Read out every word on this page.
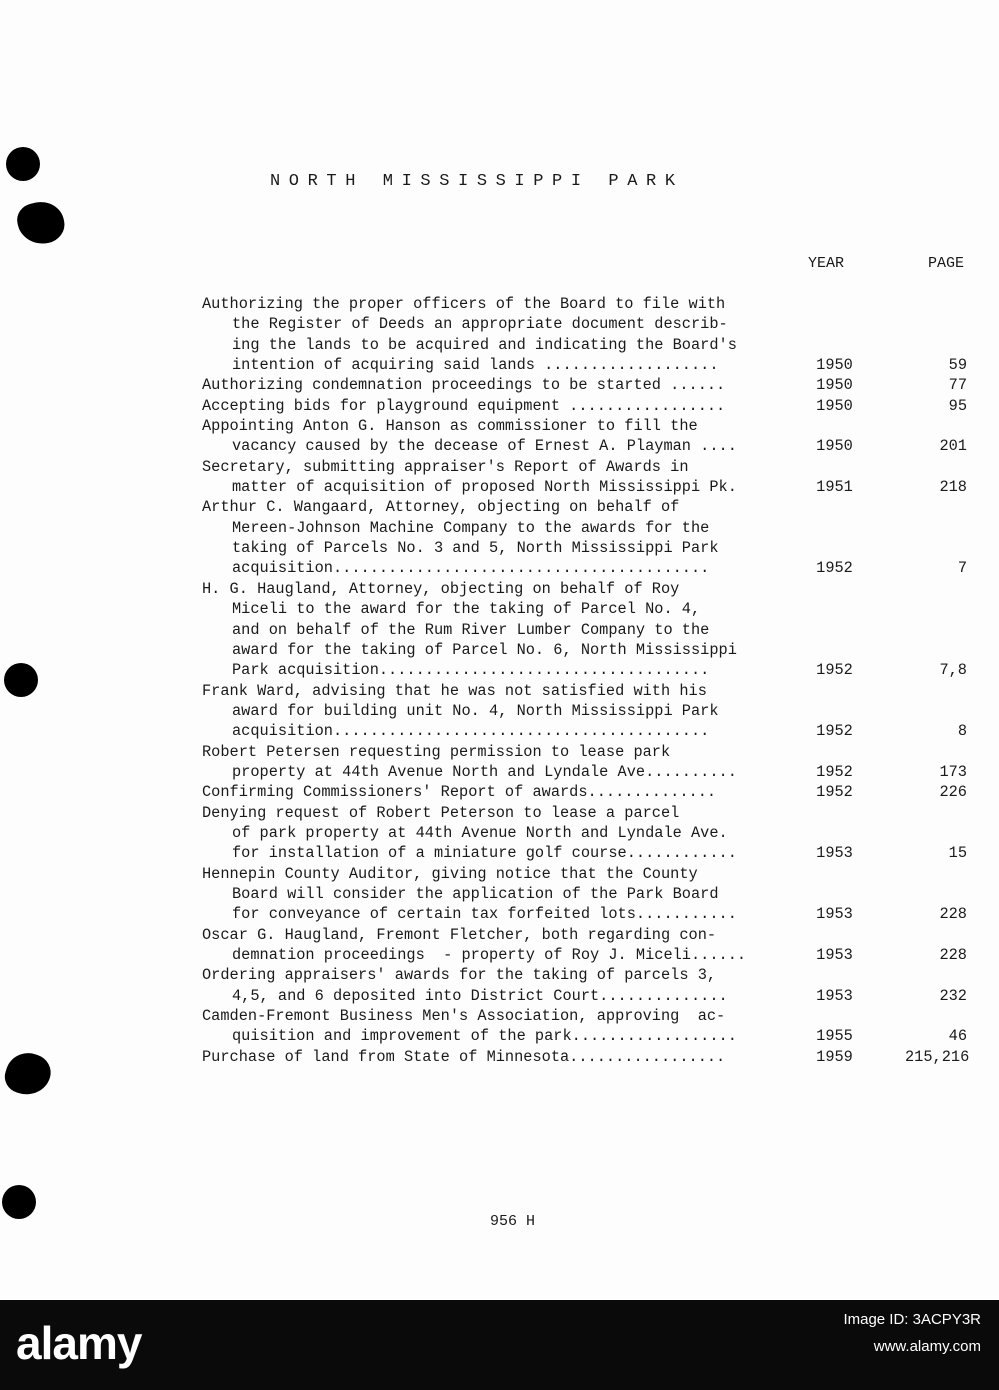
NORTH MISSISSIPPI PARK
YEAR	PAGE
Authorizing the proper officers of the Board to file with
the Register of Deeds an appropriate document describ-
ing the lands to be acquired and indicating the Board's
intention of acquiring said lands ...................	1950	59
Authorizing condemnation proceedings to be started ......	1950	77
Accepting bids for playground equipment .................	1950	95
Appointing Anton G. Hanson as commissioner to fill the
vacancy caused by the decease of Ernest A. Playman ....	1950	201
Secretary, submitting appraiser's Report of Awards in
matter of acquisition of proposed North Mississippi Pk.	1951	218
Arthur C. Wangaard, Attorney, objecting on behalf of
Mereen-Johnson Machine Company to the awards for the
taking of Parcels No. 3 and 5, North Mississippi Park
acquisition.........................................	1952	7
H. G. Haugland, Attorney, objecting on behalf of Roy
Miceli to the award for the taking of Parcel No. 4,
and on behalf of the Rum River Lumber Company to the
award for the taking of Parcel No. 6, North Mississippi
Park acquisition....................................	1952	7,8
Frank Ward, advising that he was not satisfied with his
award for building unit No. 4, North Mississippi Park
acquisition.........................................	1952	8
Robert Petersen requesting permission to lease park
property at 44th Avenue North and Lyndale Ave..........	1952	173
Confirming Commissioners' Report of awards..............	1952	226
Denying request of Robert Peterson to lease a parcel
of park property at 44th Avenue North and Lyndale Ave.
for installation of a miniature golf course............	1953	15
Hennepin County Auditor, giving notice that the County
Board will consider the application of the Park Board
for conveyance of certain tax forfeited lots...........	1953	228
Oscar G. Haugland, Fremont Fletcher, both regarding con-
demnation proceedings  - property of Roy J. Miceli......	1953	228
Ordering appraisers' awards for the taking of parcels 3,
4,5, and 6 deposited into District Court..............	1953	232
Camden-Fremont Business Men's Association, approving  ac-
quisition and improvement of the park..................	1955	46
Purchase of land from State of Minnesota.................	1959	215,216
956 H
alamy	Image ID: 3ACPY3R
www.alamy.com
